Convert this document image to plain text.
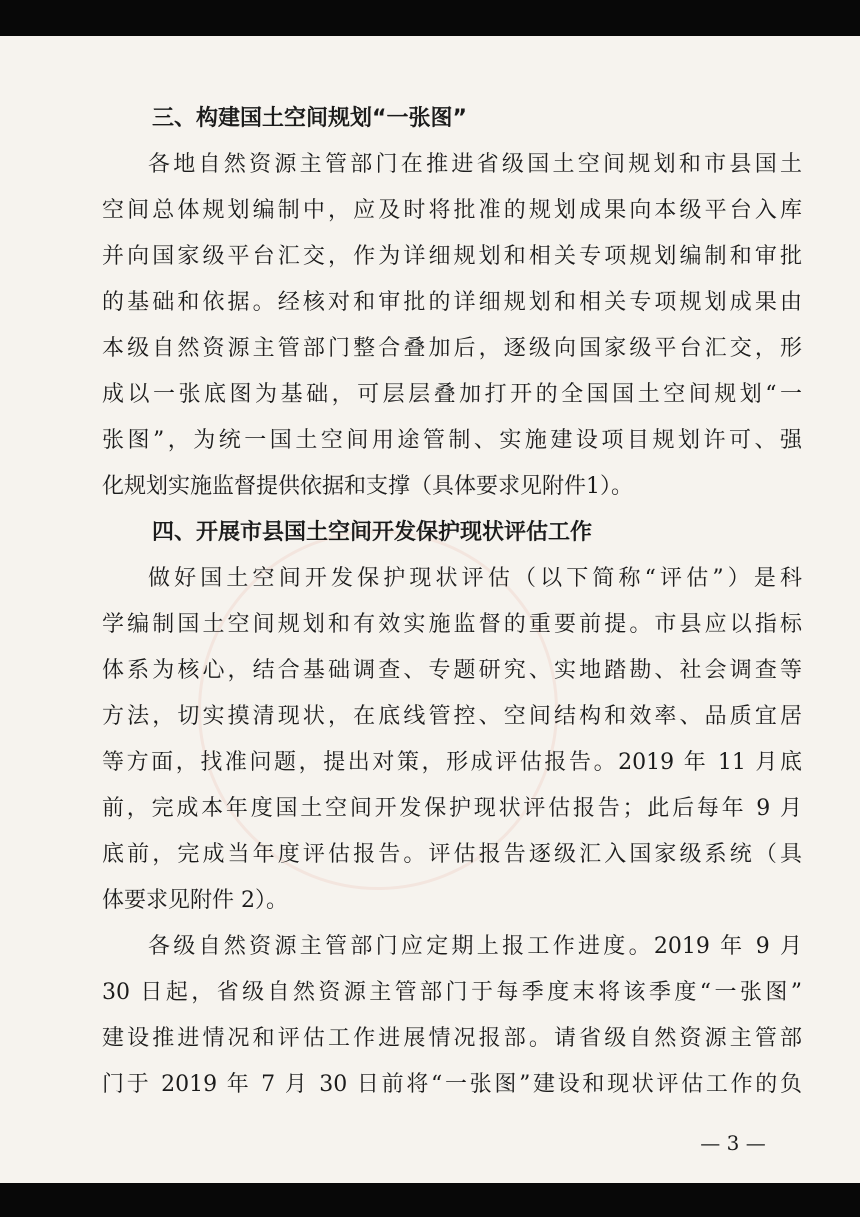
三、构建国土空间规划“一张图”
各地自然资源主管部门在推进省级国土空间规划和市县国土
空间总体规划编制中，应及时将批准的规划成果向本级平台入库
并向国家级平台汇交，作为详细规划和相关专项规划编制和审批
的基础和依据。经核对和审批的详细规划和相关专项规划成果由
本级自然资源主管部门整合叠加后，逐级向国家级平台汇交，形
成以一张底图为基础，可层层叠加打开的全国国土空间规划“一
张图”，为统一国土空间用途管制、实施建设项目规划许可、强
化规划实施监督提供依据和支撑（具体要求见附件1）。
四、开展市县国土空间开发保护现状评估工作
做好国土空间开发保护现状评估（以下简称“评估”）是科
学编制国土空间规划和有效实施监督的重要前提。市县应以指标
体系为核心，结合基础调查、专题研究、实地踏勘、社会调查等
方法，切实摸清现状，在底线管控、空间结构和效率、品质宜居
等方面，找准问题，提出对策，形成评估报告。2019 年 11 月底
前，完成本年度国土空间开发保护现状评估报告；此后每年 9 月
底前，完成当年度评估报告。评估报告逐级汇入国家级系统（具
体要求见附件 2）。
各级自然资源主管部门应定期上报工作进度。2019 年 9 月
30 日起，省级自然资源主管部门于每季度末将该季度“一张图”
建设推进情况和评估工作进展情况报部。请省级自然资源主管部
门于 2019 年 7 月 30 日前将“一张图”建设和现状评估工作的负
— 3 —
